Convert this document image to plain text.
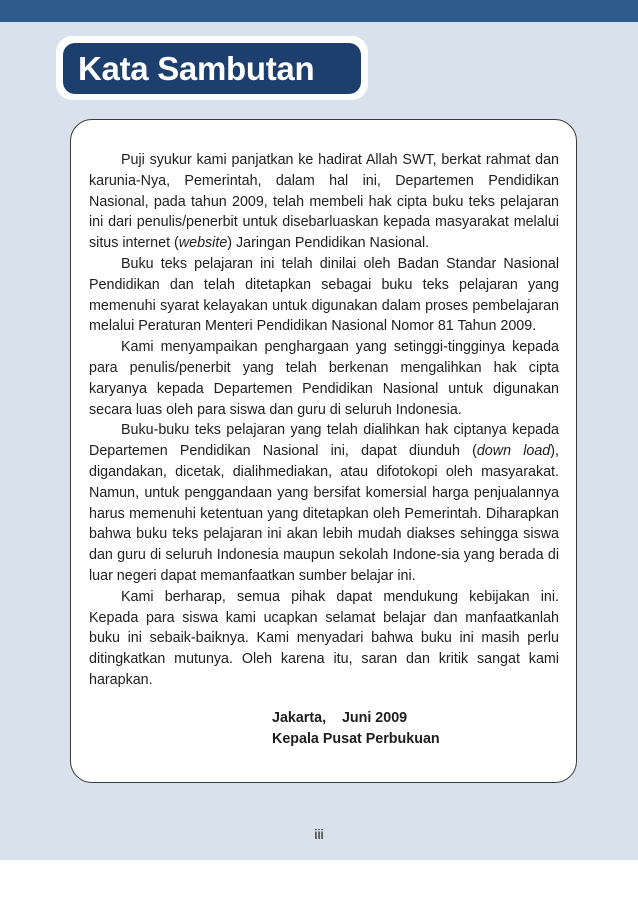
Kata Sambutan

Puji syukur kami panjatkan ke hadirat Allah SWT, berkat rahmat dan karunia-Nya, Pemerintah, dalam hal ini, Departemen Pendidikan Nasional, pada tahun 2009, telah membeli hak cipta buku teks pelajaran ini dari penulis/penerbit untuk disebarluaskan kepada masyarakat melalui situs internet (website) Jaringan Pendidikan Nasional.

Buku teks pelajaran ini telah dinilai oleh Badan Standar Nasional Pendidikan dan telah ditetapkan sebagai buku teks pelajaran yang memenuhi syarat kelayakan untuk digunakan dalam proses pembelajaran melalui Peraturan Menteri Pendidikan Nasional Nomor 81 Tahun 2009.

Kami menyampaikan penghargaan yang setinggi-tingginya kepada para penulis/penerbit yang telah berkenan mengalihkan hak cipta karyanya kepada Departemen Pendidikan Nasional untuk digunakan secara luas oleh para siswa dan guru di seluruh Indonesia.

Buku-buku teks pelajaran yang telah dialihkan hak ciptanya kepada Departemen Pendidikan Nasional ini, dapat diunduh (down load), digandakan, dicetak, dialihmediakan, atau difotokopi oleh masyarakat. Namun, untuk penggandaan yang bersifat komersial harga penjualannya harus memenuhi ketentuan yang ditetapkan oleh Pemerintah. Diharapkan bahwa buku teks pelajaran ini akan lebih mudah diakses sehingga siswa dan guru di seluruh Indonesia maupun sekolah Indone-sia yang berada di luar negeri dapat memanfaatkan sumber belajar ini.

Kami berharap, semua pihak dapat mendukung kebijakan ini. Kepada para siswa kami ucapkan selamat belajar dan manfaatkanlah buku ini sebaik-baiknya. Kami menyadari bahwa buku ini masih perlu ditingkatkan mutunya. Oleh karena itu, saran dan kritik sangat kami harapkan.

Jakarta,    Juni 2009
Kepala Pusat Perbukuan
iii
